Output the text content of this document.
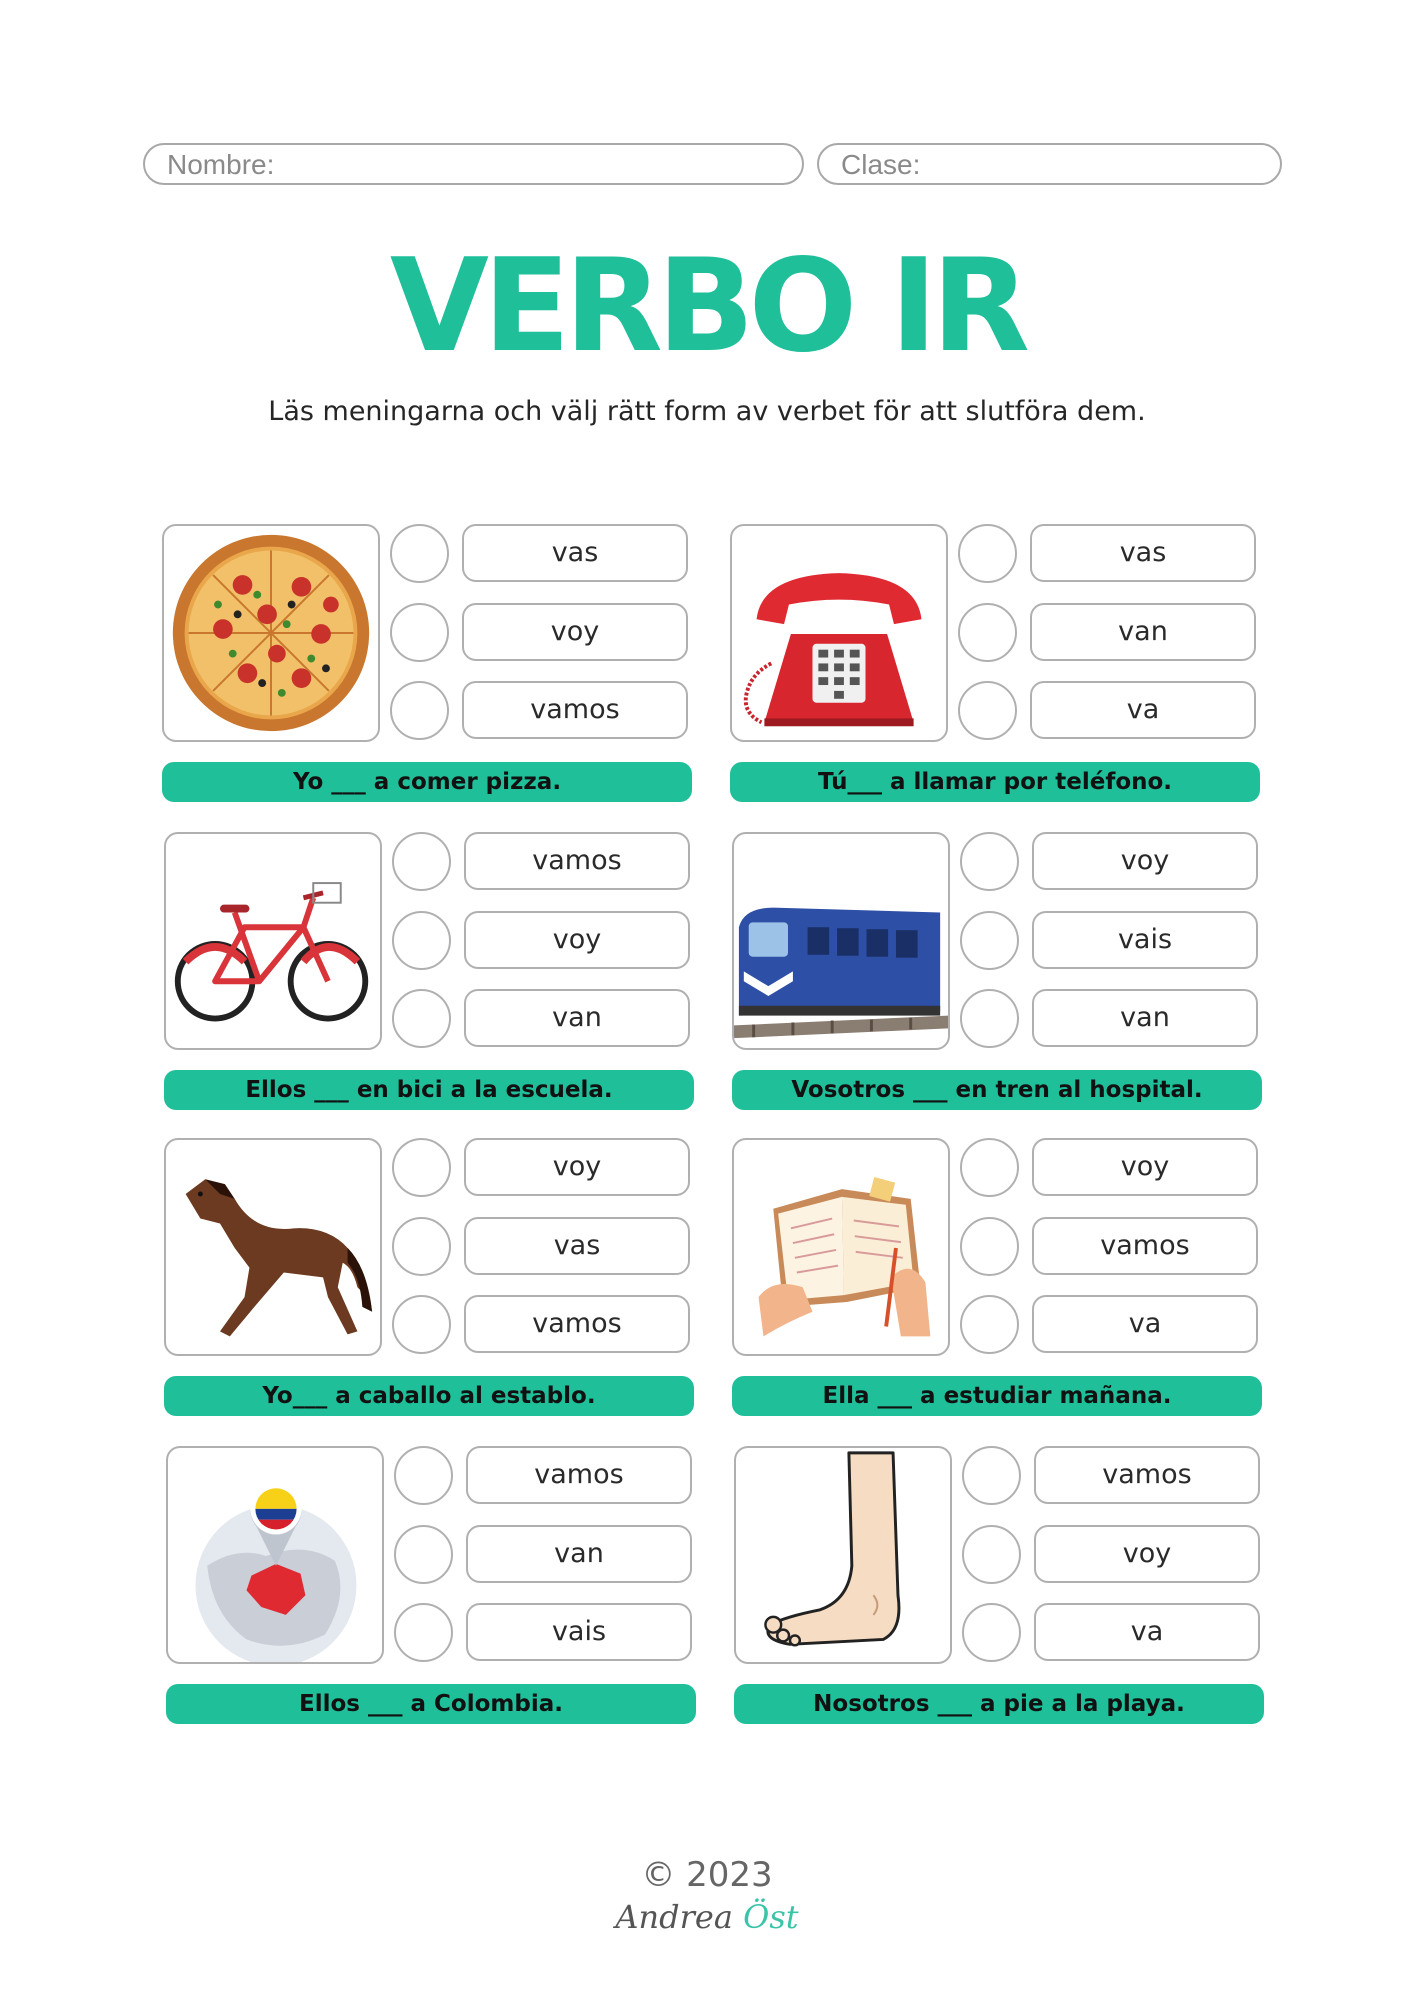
Nombre:	Clase:
VERBO IR
Läs meningarna och välj rätt form av verbet för att slutföra dem.
vas
voy
vamos
Yo ___ a comer pizza.
vas
van
va
Tú___ a llamar por teléfono.
vamos
voy
van
Ellos ___ en bici a la escuela.
voy
vais
van
Vosotros ___ en tren al hospital.
voy
vas
vamos
Yo___ a caballo al establo.
voy
vamos
va
Ella ___ a estudiar mañana.
vamos
van
vais
Ellos ___ a Colombia.
vamos
voy
va
Nosotros ___ a pie a la playa.
© 2023
Andrea Öst
